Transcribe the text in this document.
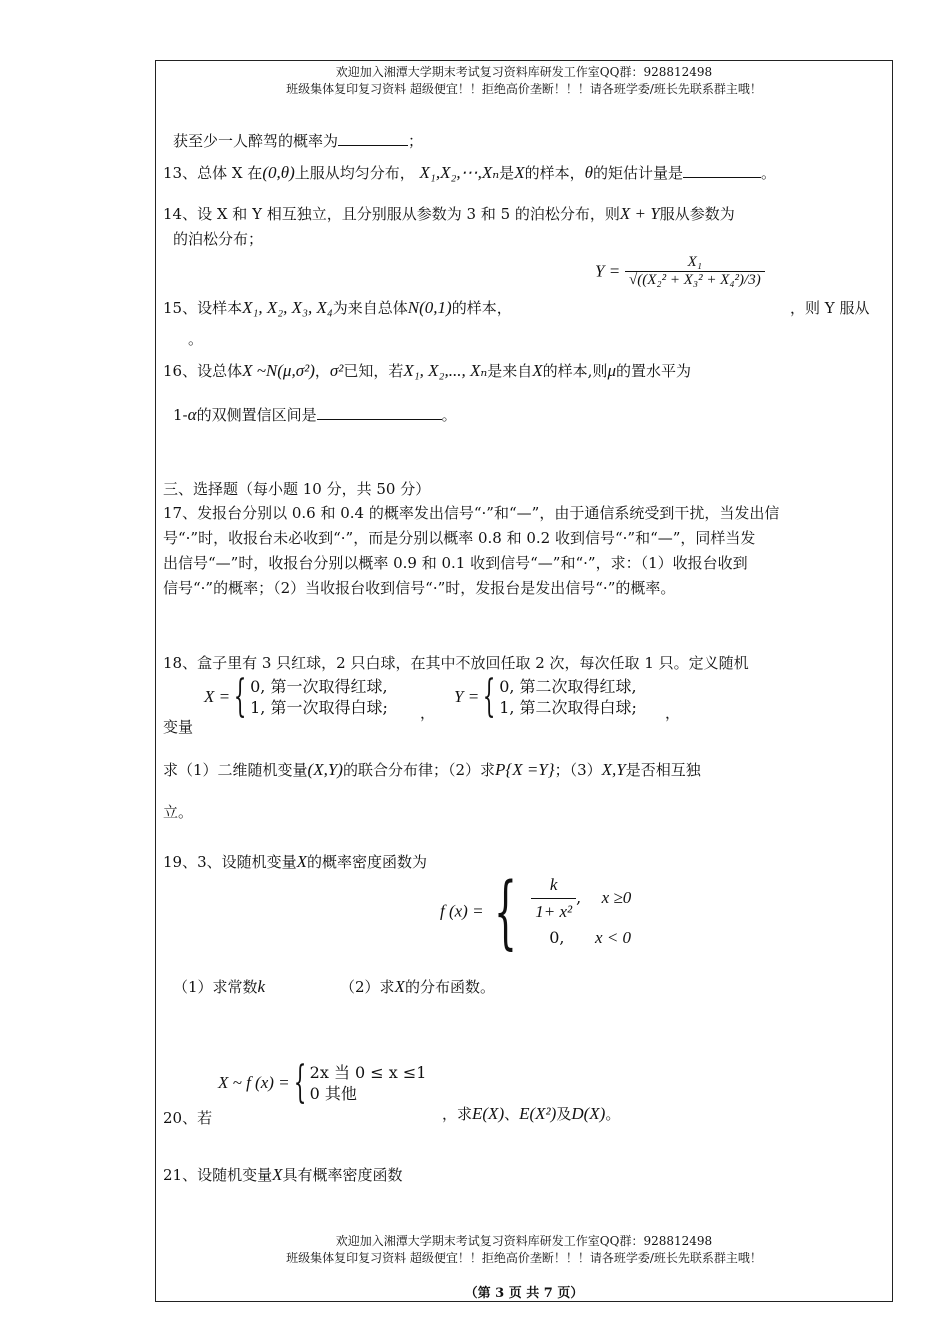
欢迎加入湘潭大学期末考试复习资料库研发工作室QQ群：928812498
班级集体复印复习资料 超级便宜！！拒绝高价垄断！！！请各班学委/班长先联系群主哦！
获至少一人醉驾的概率为	；
13、总体 X 在(0,θ)上服从均匀分布， X₁,X₂,⋯,Xₙ是X的样本，θ的矩估计量是	。
14、设 X 和 Y 相互独立，且分别服从参数为 3 和 5 的泊松分布，则X + Y服从参数为
的泊松分布；
$Y = \frac{\text{X₁}}{\text{√((X₂² + X₃² + X₄²)/3)}}$
15、设样本X₁, X₂, X₃, X₄为来自总体N(0,1)的样本，	，则 Y 服从
。
16、设总体X ~N(μ,σ²)，σ²已知，若X₁, X₂,..., Xₙ是来自X的样本,则μ的置水平为
1-α的双侧置信区间是	。
三、选择题（每小题 10 分，共 50 分）
17、发报台分别以 0.6 和 0.4 的概率发出信号“·”和“—”，由于通信系统受到干扰，当发出信
号“·”时，收报台未必收到“·”，而是分别以概率 0.8 和 0.2 收到信号“·”和“—”，同样当发
出信号“—”时，收报台分别以概率 0.9 和 0.1 收到信号“—”和“·”，求：（1）收报台收到
信号“·”的概率；（2）当收报台收到信号“·”时，发报台是发出信号“·”的概率。
18、盒子里有 3 只红球，2 只白球，在其中不放回任取 2 次，每次任取 1 只。定义随机
X ={ 0, 第一次取得红球,
1, 第一次取得白球; ，
Y ={ 0, 第二次取得红球,
1, 第二次取得白球; ，
变量
求（1）二维随机变量(X,Y)的联合分布律；（2）求P{X =Y}；（3）X,Y是否相互独
立。
19、3、设随机变量X的概率密度函数为
f (x) = { $\frac{k}{\text{1+ x²}}$ ,    x ≥0
0, x < 0
（1）求常数k	（2）求X的分布函数。
X ~ f (x) ={ 2x 当 0 ≤ x ≤1
0 其他
20、若	，求E(X)、E(X²)及D(X)。
21、设随机变量X具有概率密度函数
欢迎加入湘潭大学期末考试复习资料库研发工作室QQ群：928812498
班级集体复印复习资料 超级便宜！！拒绝高价垄断！！！请各班学委/班长先联系群主哦！
（第 3 页 共 7 页）
